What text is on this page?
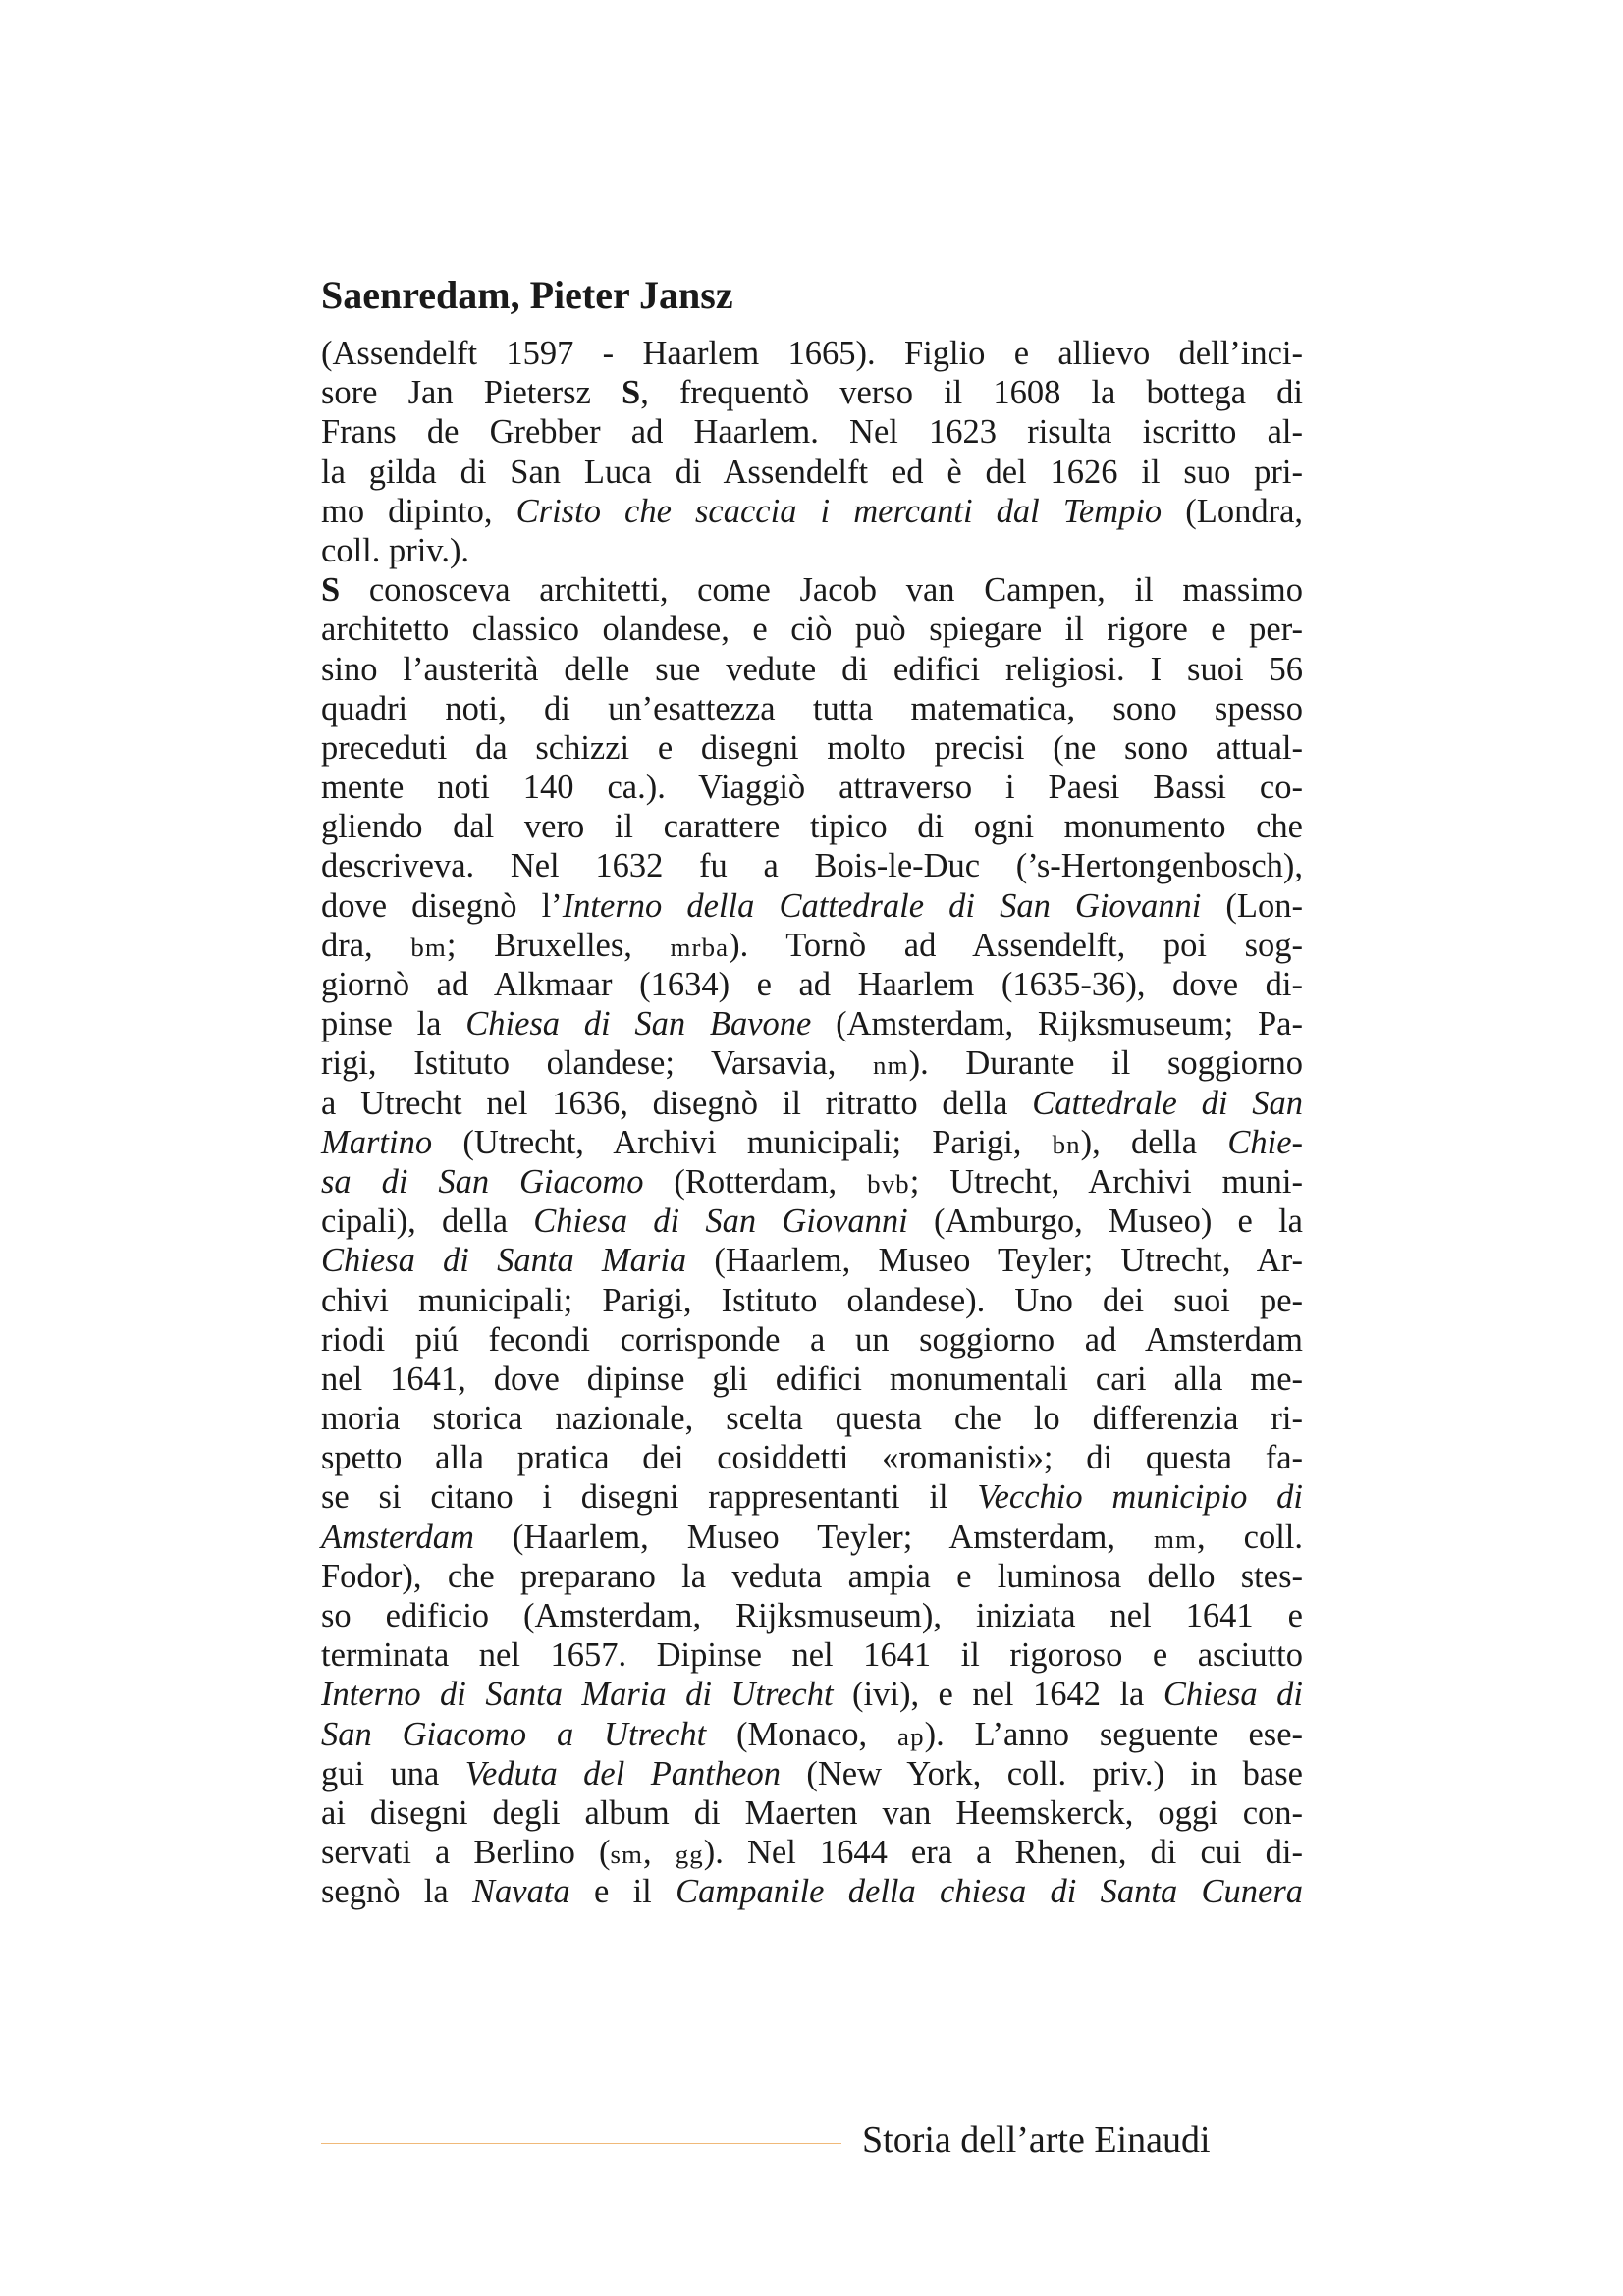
Saenredam, Pieter Jansz
(Assendelft 1597 - Haarlem 1665). Figlio e allievo dell’inci-
sore Jan Pietersz S, frequentò verso il 1608 la bottega di
Frans de Grebber ad Haarlem. Nel 1623 risulta iscritto al-
la gilda di San Luca di Assendelft ed è del 1626 il suo pri-
mo dipinto, Cristo che scaccia i mercanti dal Tempio (Londra,
coll. priv.).
S conosceva architetti, come Jacob van Campen, il massimo
architetto classico olandese, e ciò può spiegare il rigore e per-
sino l’austerità delle sue vedute di edifici religiosi. I suoi 56
quadri noti, di un’esattezza tutta matematica, sono spesso
preceduti da schizzi e disegni molto precisi (ne sono attual-
mente noti 140 ca.). Viaggiò attraverso i Paesi Bassi co-
gliendo dal vero il carattere tipico di ogni monumento che
descriveva. Nel 1632 fu a Bois-le-Duc (’s-Hertongenbosch),
dove disegnò l’Interno della Cattedrale di San Giovanni (Lon-
dra, bm; Bruxelles, mrba). Tornò ad Assendelft, poi sog-
giornò ad Alkmaar (1634) e ad Haarlem (1635-36), dove di-
pinse la Chiesa di San Bavone (Amsterdam, Rijksmuseum; Pa-
rigi, Istituto olandese; Varsavia, nm). Durante il soggiorno
a Utrecht nel 1636, disegnò il ritratto della Cattedrale di San
Martino (Utrecht, Archivi municipali; Parigi, bn), della Chie-
sa di San Giacomo (Rotterdam, bvb; Utrecht, Archivi muni-
cipali), della Chiesa di San Giovanni (Amburgo, Museo) e la
Chiesa di Santa Maria (Haarlem, Museo Teyler; Utrecht, Ar-
chivi municipali; Parigi, Istituto olandese). Uno dei suoi pe-
riodi piú fecondi corrisponde a un soggiorno ad Amsterdam
nel 1641, dove dipinse gli edifici monumentali cari alla me-
moria storica nazionale, scelta questa che lo differenzia ri-
spetto alla pratica dei cosiddetti «romanisti»; di questa fa-
se si citano i disegni rappresentanti il Vecchio municipio di
Amsterdam (Haarlem, Museo Teyler; Amsterdam, mm, coll.
Fodor), che preparano la veduta ampia e luminosa dello stes-
so edificio (Amsterdam, Rijksmuseum), iniziata nel 1641 e
terminata nel 1657. Dipinse nel 1641 il rigoroso e asciutto
Interno di Santa Maria di Utrecht (ivi), e nel 1642 la Chiesa di
San Giacomo a Utrecht (Monaco, ap). L’anno seguente ese-
gui una Veduta del Pantheon (New York, coll. priv.) in base
ai disegni degli album di Maerten van Heemskerck, oggi con-
servati a Berlino (sm, gg). Nel 1644 era a Rhenen, di cui di-
segnò la Navata e il Campanile della chiesa di Santa Cunera
Storia dell’arte Einaudi
